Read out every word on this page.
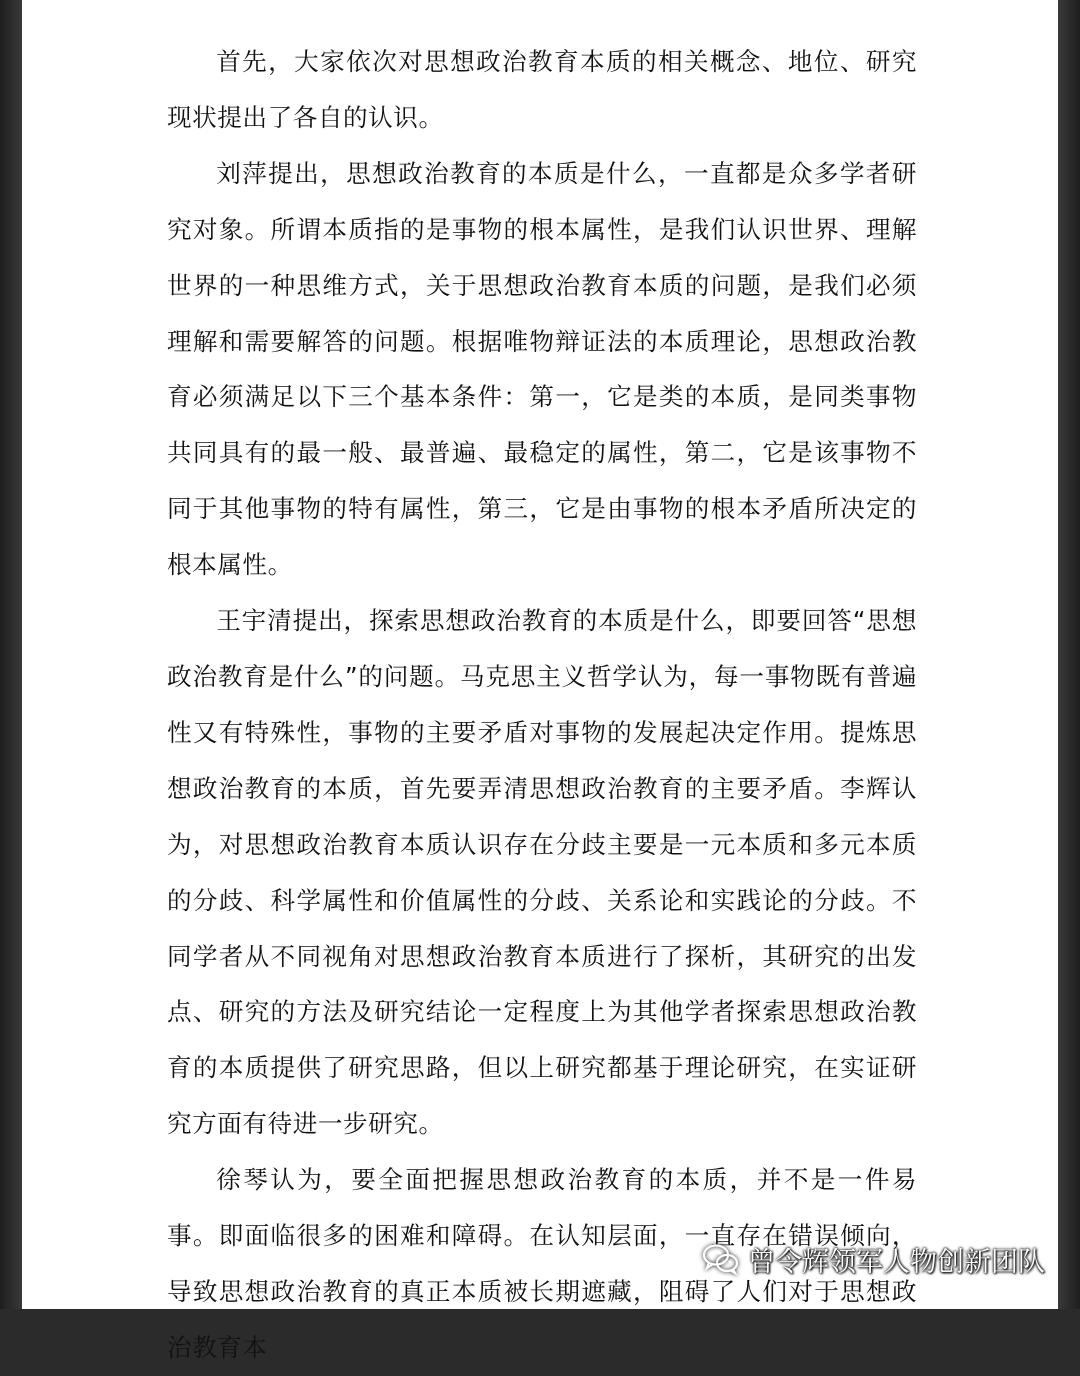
首先，大家依次对思想政治教育本质的相关概念、地位、研究现状提出了各自的认识。

刘萍提出，思想政治教育的本质是什么，一直都是众多学者研究对象。所谓本质指的是事物的根本属性，是我们认识世界、理解世界的一种思维方式，关于思想政治教育本质的问题，是我们必须理解和需要解答的问题。根据唯物辩证法的本质理论，思想政治教育必须满足以下三个基本条件：第一，它是类的本质，是同类事物共同具有的最一般、最普遍、最稳定的属性，第二，它是该事物不同于其他事物的特有属性，第三，它是由事物的根本矛盾所决定的根本属性。

王宇清提出，探索思想政治教育的本质是什么，即要回答“思想政治教育是什么”的问题。马克思主义哲学认为，每一事物既有普遍性又有特殊性，事物的主要矛盾对事物的发展起决定作用。提炼思想政治教育的本质，首先要弄清思想政治教育的主要矛盾。李辉认为，对思想政治教育本质认识存在分歧主要是一元本质和多元本质的分歧、科学属性和价值属性的分歧、关系论和实践论的分歧。不同学者从不同视角对思想政治教育本质进行了探析，其研究的出发点、研究的方法及研究结论一定程度上为其他学者探索思想政治教育的本质提供了研究思路，但以上研究都基于理论研究，在实证研究方面有待进一步研究。

徐琴认为，要全面把握思想政治教育的本质，并不是一件易事。即面临很多的困难和障碍。在认知层面，一直存在错误倾向，导致思想政治教育的真正本质被长期遮藏，阻碍了人们对于思想政治教育本

曾令辉领军人物创新团队
